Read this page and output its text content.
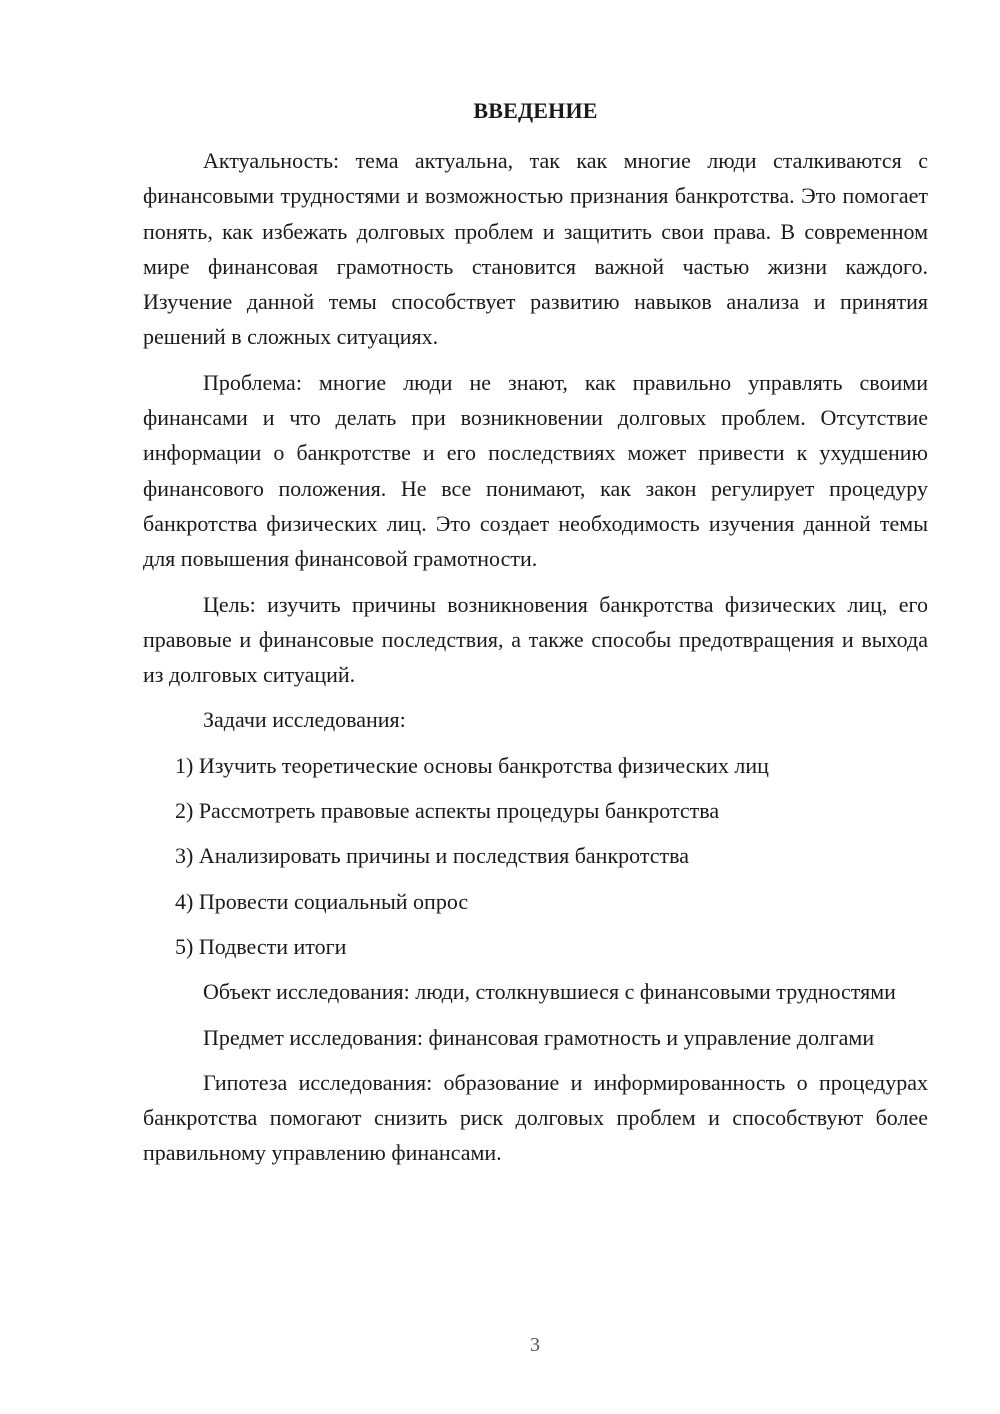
ВВЕДЕНИЕ

Актуальность: тема актуальна, так как многие люди сталкиваются с финансовыми трудностями и возможностью признания банкротства. Это помогает понять, как избежать долговых проблем и защитить свои права. В современном мире финансовая грамотность становится важной частью жизни каждого. Изучение данной темы способствует развитию навыков анализа и принятия решений в сложных ситуациях.

Проблема: многие люди не знают, как правильно управлять своими финансами и что делать при возникновении долговых проблем. Отсутствие информации о банкротстве и его последствиях может привести к ухудшению финансового положения. Не все понимают, как закон регулирует процедуру банкротства физических лиц. Это создает необходимость изучения данной темы для повышения финансовой грамотности.

Цель: изучить причины возникновения банкротства физических лиц, его правовые и финансовые последствия, а также способы предотвращения и выхода из долговых ситуаций.

Задачи исследования:

1) Изучить теоретические основы банкротства физических лиц

2) Рассмотреть правовые аспекты процедуры банкротства

3) Анализировать причины и последствия банкротства

4) Провести социальный опрос

5) Подвести итоги

Объект исследования: люди, столкнувшиеся с финансовыми трудностями

Предмет исследования: финансовая грамотность и управление долгами

Гипотеза исследования: образование и информированность о процедурах банкротства помогают снизить риск долговых проблем и способствуют более правильному управлению финансами.

3
